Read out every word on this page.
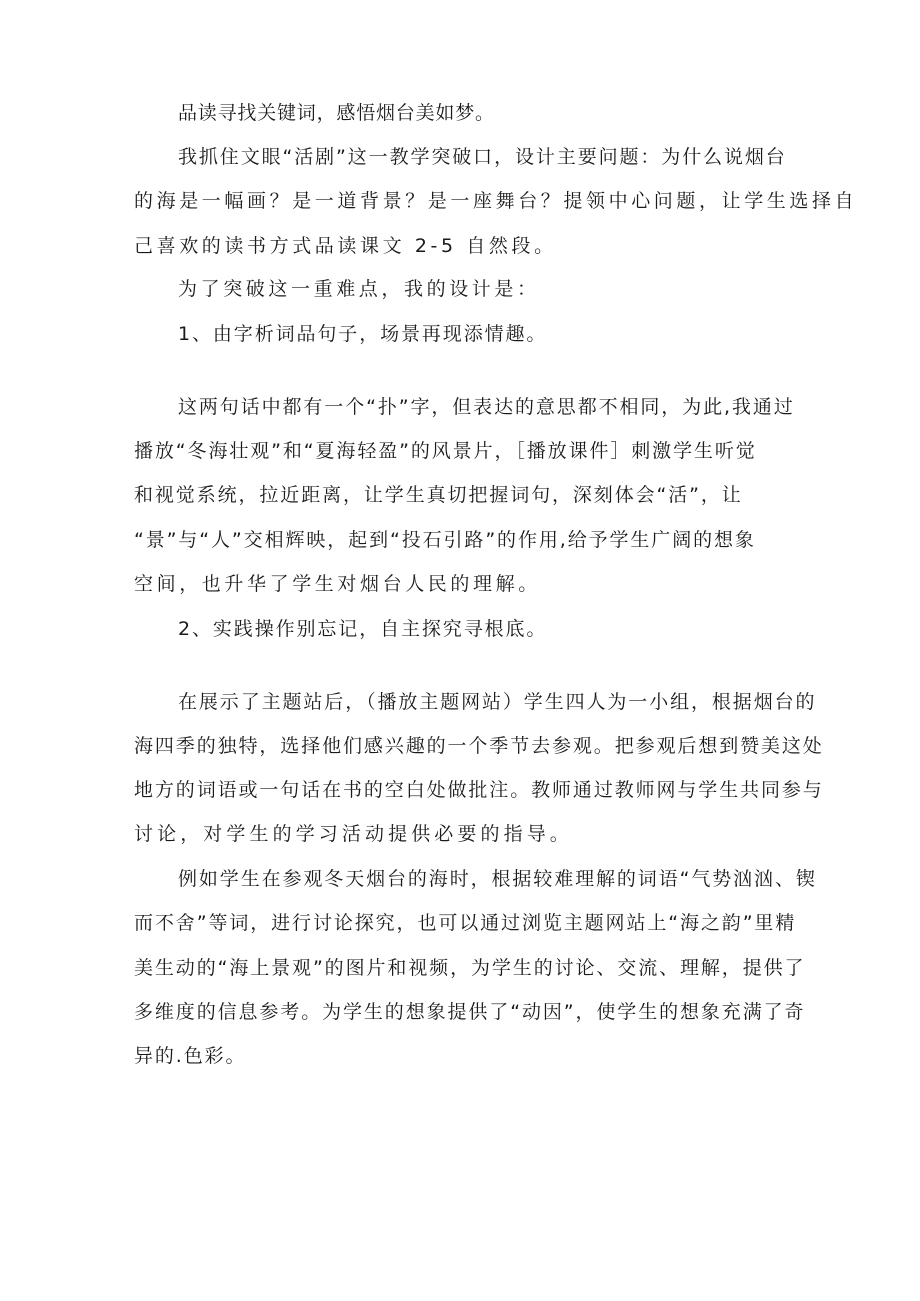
品读寻找关键词，感悟烟台美如梦。
我抓住文眼“活剧”这一教学突破口，设计主要问题：为什么说烟台
的海是一幅画？是一道背景？是一座舞台？提领中心问题，让学生选择自
己喜欢的读书方式品读课文 2-5 自然段。
为了突破这一重难点，我的设计是：
1、由字析词品句子，场景再现添情趣。
这两句话中都有一个“扑”字，但表达的意思都不相同，为此,我通过
播放“冬海壮观”和“夏海轻盈”的风景片，［播放课件］刺激学生听觉
和视觉系统，拉近距离，让学生真切把握词句，深刻体会“活”，让
“景”与“人”交相辉映，起到“投石引路”的作用,给予学生广阔的想象
空间，也升华了学生对烟台人民的理解。
2、实践操作别忘记，自主探究寻根底。
在展示了主题站后，（播放主题网站）学生四人为一小组，根据烟台的
海四季的独特，选择他们感兴趣的一个季节去参观。把参观后想到赞美这处
地方的词语或一句话在书的空白处做批注。教师通过教师网与学生共同参与
讨论，对学生的学习活动提供必要的指导。
例如学生在参观冬天烟台的海时，根据较难理解的词语“气势汹汹、锲
而不舍”等词，进行讨论探究，也可以通过浏览主题网站上“海之韵”里精
美生动的“海上景观”的图片和视频，为学生的讨论、交流、理解，提供了
多维度的信息参考。为学生的想象提供了“动因”，使学生的想象充满了奇
异的.色彩。
